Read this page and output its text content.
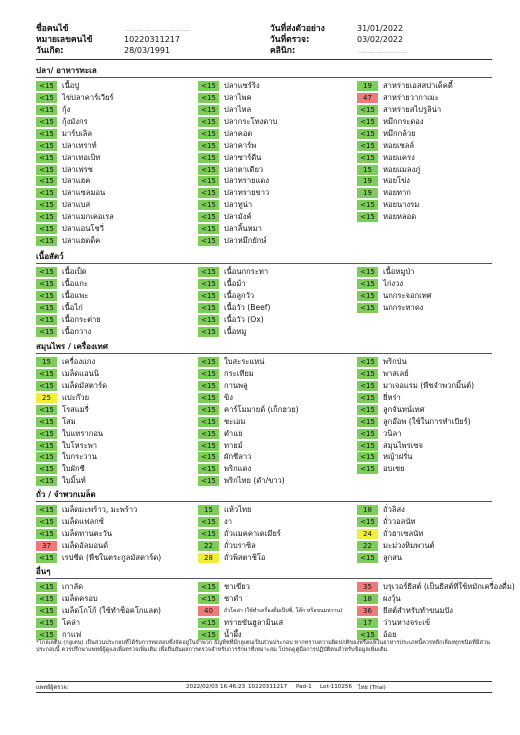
ชื่อคนไข้	................................
หมายเลขคนไข้	10220311217
วันเกิด:	28/03/1991
วันที่ส่งตัวอย่าง	31/01/2022
วันที่ตรวจ:	03/02/2022
คลินิก:	.........................
ปลา/ อาหารทะเล
<15	เนื้อปู
<15	ไข่ปลาคาร์เวียร์
<15	กุ้ง
<15	กุ้งมังกร
<15	มาร์บเลิล
<15	ปลาเทราท์
<15	ปลาเทอเบิท
<15	ปลาเฟรช
<15	ปลาแฮค
<15	ปลาแซลมอน
<15	ปลาแบส
<15	ปลาแมกเคอเรล
<15	ปลาแอนโชวี่
<15	ปลาแฮดด็ค
<15	ปลาแซร์ริง
<15	ปลาไพค
<15	ปลาไหล
<15	ปลากระโทงดาบ
<15	ปลาคอด
<15	ปลาคาร์พ
<15	ปลาซาร์ดีน
<15	ปลาตาเดียว
<15	ปลาทรายแดง
<15	ปลาทรายขาว
<15	ปลาทูน่า
<15	ปลามังค์
<15	ปลาลิ้นหมา
<15	ปลาหมึกยักษ์
19	สาหร่ายเอสสปาเด็คดี้
47	สาหร่ายวากาเมะ
<15	สาหร่ายสไปรูลิน่า
<15	หมึกกระดอง
<15	หมึกกล้วย
<15	หอยเชลล์
<15	หอยแครง
15	หอยแมลงภู่
19	หอยโข่ง
19	หอยทาก
<15	หอยนางรม
<15	หอยหลอด
เนื้อสัตว์
<15	เนื้อเป็ด
<15	เนื้อแกะ
<15	เนื้อแพะ
<15	เนื้อไก่
<15	เนื้อกระต่าย
<15	เนื้อกวาง
<15	เนื้อนกกระทา
<15	เนื้อม้า
<15	เนื้อลูกวัว
<15	เนื้อวัว (Beef)
<15	เนื้อวัว (Ox)
<15	เนื้อหมู
<15	เนื้อหมูป่า
<15	ไก่งวง
<15	นกกระจอกเทศ
<15	นกกระทาดง
สมุนไพร / เครื่องเทศ
15	เครื่องแกง
<15	เมล็ดแอนนิ
<15	เมล็ดมัสตาร์ด
25	แปะก๊วย
<15	โรสแมรี่
<15	โสม
<15	ใบแทรากอน
<15	ใบโหระพา
<15	ใบกระวาน
<15	ใบผักชี
<15	ใบมิ้นท์
<15	ใบสะระแหน่
<15	กระเทียม
<15	กานพลู
<15	ขิง
<15	คาร์โมมายด์ (เก็กฮวย)
<15	ชะเอม
<15	ตำแย
<15	ทายม์
<15	ผักชีลาว
<15	พริกแดง
<15	พริกไทย (ดำ/ขาว)
<15	พริกป่น
<15	พาสเลย์
<15	มาเจอแรม (พืชจำพวกมิ้นต์)
<15	ยี่หร่า
<15	ลูกจันทน์เทศ
<15	ลูกอ๊อพ (ใช้ในการทำเบียร์)
<15	วนิลา
<15	สมุนไพรเซจ
<15	หญ้าฝรั่น
<15	อบเชย
ถั่ว / จำพวกเมล็ด
<15	เมล็ดมะพร้าว, มะพร้าว
<15	เมล็ดแฟลกซ์
<15	เมล็ดทานตะวัน
37	เมล็ดอัลมอนด์
<15	เรปซีด (พืชในตระกูลมัสตาร์ด)
15	แห้วไทย
<15	งา
<15	ถั่วแมคคาเดเมียร์
22	ถั่วบราซิล
28	ถั่วพิสตาชิโอ
18	ถั่วลิสง
<15	ถั่ววอลนัท
24	ถั่วฮาเซลนัท
22	มะม่วงหิมพานต์
<15	ลูกสน
อื่นๆ
<15	เกาลัด
<15	เมล็ดครอบ
<15	เมล็ดโกโก้ (ใช้ทำช็อคโกแลต)
<15	โคล่า
<15	กาแฟ
<15	ชาเขียว
<15	ชาดำ
40	ถั่วโคล่า (ใช้ทำเครื่องดื่มเป๊ปซี่, โค๊ก หรือขนมหวาน)
<15	ทรายขันฮูลามินเส
<15	น้ำผึ้ง
35	บรุเวอร์ยีสต์ (เป็นยีสต์ที่ใช้หมักเครื่องดื่ม)
18	ผงวุ้น
36	ยีสต์สำหรับทำขนมปัง
17	ว่านหางจระเข้
<15	อ้อย
*โกลเลติน (กลูเตน) เป็นส่วนประกอบที่ได้รับการทดสอบซึ่งจัดอยู่ในจำพวก ธัญพืชที่มีกลูเตนเป็นส่วนประกอบ หากทราบความผิดปกติของหรือแพ้ในอาหารประเภทนี้ควรหลีกเลี่ยงทุกชนิดที่มีส่วนประกอบนี้ ควรปรึกษาแพทย์ผู้ดูแลเพื่อตรวจเพิ่มเติม เพื่อยืนยันผลการตรวจสำหรับการรักษาที่เหมาะสม โปรดดูคู่มือการปฏิบัติตนสำหรับข้อมูลเพิ่มเติม
แพทย์ผู้ตรวจ:	2022/02/03 16:46:23 10220311217 Pad-1 Lot-110256 ไทย (Thai)
